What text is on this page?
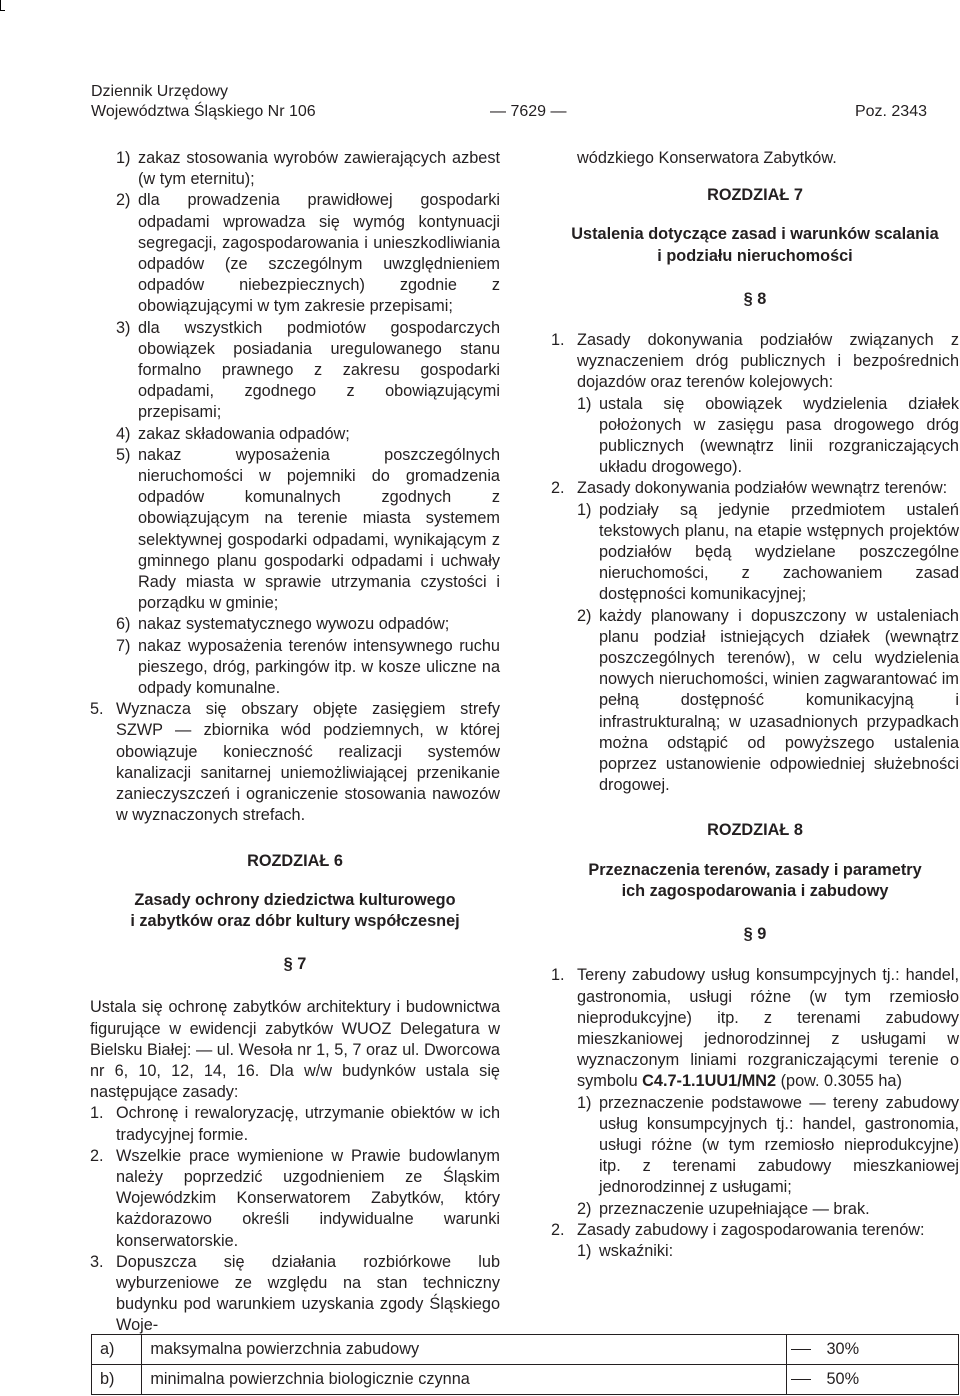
Dziennik Urzędowy
Województwa Śląskiego Nr 106	— 7629 —	Poz. 2343
1) zakaz stosowania wyrobów zawierających azbest (w tym eternitu);
2) dla prowadzenia prawidłowej gospodarki odpadami wprowadza się wymóg kontynuacji segregacji, zagospodarowania i unieszkodliwiania odpadów (ze szczególnym uwzględnieniem odpadów niebezpiecznych) zgodnie z obowiązującymi w tym zakresie przepisami;
3) dla wszystkich podmiotów gospodarczych obowiązek posiadania uregulowanego stanu formalno prawnego z zakresu gospodarki odpadami, zgodnego z obowiązującymi przepisami;
4) zakaz składowania odpadów;
5) nakaz wyposażenia poszczególnych nieruchomości w pojemniki do gromadzenia odpadów komunalnych zgodnych z obowiązującym na terenie miasta systemem selektywnej gospodarki odpadami, wynikającym z gminnego planu gospodarki odpadami i uchwały Rady miasta w sprawie utrzymania czystości i porządku w gminie;
6) nakaz systematycznego wywozu odpadów;
7) nakaz wyposażenia terenów intensywnego ruchu pieszego, dróg, parkingów itp. w kosze uliczne na odpady komunalne.
5. Wyznacza się obszary objęte zasięgiem strefy SZWP — zbiornika wód podziemnych, w której obowiązuje konieczność realizacji systemów kanalizacji sanitarnej uniemożliwiającej przenikanie zanieczyszczeń i ograniczenie stosowania nawozów w wyznaczonych strefach.
ROZDZIAŁ 6
Zasady ochrony dziedzictwa kulturowego
i zabytków oraz dóbr kultury współczesnej
§ 7
Ustala się ochronę zabytków architektury i budownictwa figurujące w ewidencji zabytków WUOZ Delegatura w Bielsku Białej: — ul. Wesoła nr 1, 5, 7 oraz ul. Dworcowa nr 6, 10, 12, 14, 16. Dla w/w budynków ustala się następujące zasady:
1. Ochronę i rewaloryzację, utrzymanie obiektów w ich tradycyjnej formie.
2. Wszelkie prace wymienione w Prawie budowlanym należy poprzedzić uzgodnieniem ze Śląskim Wojewódzkim Konserwatorem Zabytków, który każdorazowo określi indywidualne warunki konserwatorskie.
3. Dopuszcza się działania rozbiórkowe lub wyburzeniowe ze względu na stan techniczny budynku pod warunkiem uzyskania zgody Śląskiego Woje-
wódzkiego Konserwatora Zabytków.
ROZDZIAŁ 7
Ustalenia dotyczące zasad i warunków scalania
i podziału nieruchomości
§ 8
1. Zasady dokonywania podziałów związanych z wyznaczeniem dróg publicznych i bezpośrednich dojazdów oraz terenów kolejowych:
1) ustala się obowiązek wydzielenia działek położonych w zasięgu pasa drogowego dróg publicznych (wewnątrz linii rozgraniczających układu drogowego).
2. Zasady dokonywania podziałów wewnątrz terenów:
1) podziały są jedynie przedmiotem ustaleń tekstowych planu, na etapie wstępnych projektów podziałów będą wydzielane poszczególne nieruchomości, z zachowaniem zasad dostępności komunikacyjnej;
2) każdy planowany i dopuszczony w ustaleniach planu podział istniejących działek (wewnątrz poszczególnych terenów), w celu wydzielenia nowych nieruchomości, winien zagwarantować im pełną dostępność komunikacyjną i infrastrukturalną; w uzasadnionych przypadkach można odstąpić od powyższego ustalenia poprzez ustanowienie odpowiedniej służebności drogowej.
ROZDZIAŁ 8
Przeznaczenia terenów, zasady i parametry
ich zagospodarowania i zabudowy
§ 9
1. Tereny zabudowy usług konsumpcyjnych tj.: handel, gastronomia, usługi różne (w tym rzemiosło nieprodukcyjne) itp. z terenami zabudowy mieszkaniowej jednorodzinnej z usługami w wyznaczonym liniami rozgraniczającymi terenie o symbolu C4.7-1.1UU1/MN2 (pow. 0.3055 ha)
1) przeznaczenie podstawowe — tereny zabudowy usług konsumpcyjnych tj.: handel, gastronomia, usługi różne (w tym rzemiosło nieprodukcyjne) itp. z terenami zabudowy mieszkaniowej jednorodzinnej z usługami;
2) przeznaczenie uzupełniające — brak.
2. Zasady zabudowy i zagospodarowania terenów:
1) wskaźniki:
a)	maksymalna powierzchnia zabudowy	30%
b)	minimalna powierzchnia biologicznie czynna	50%
